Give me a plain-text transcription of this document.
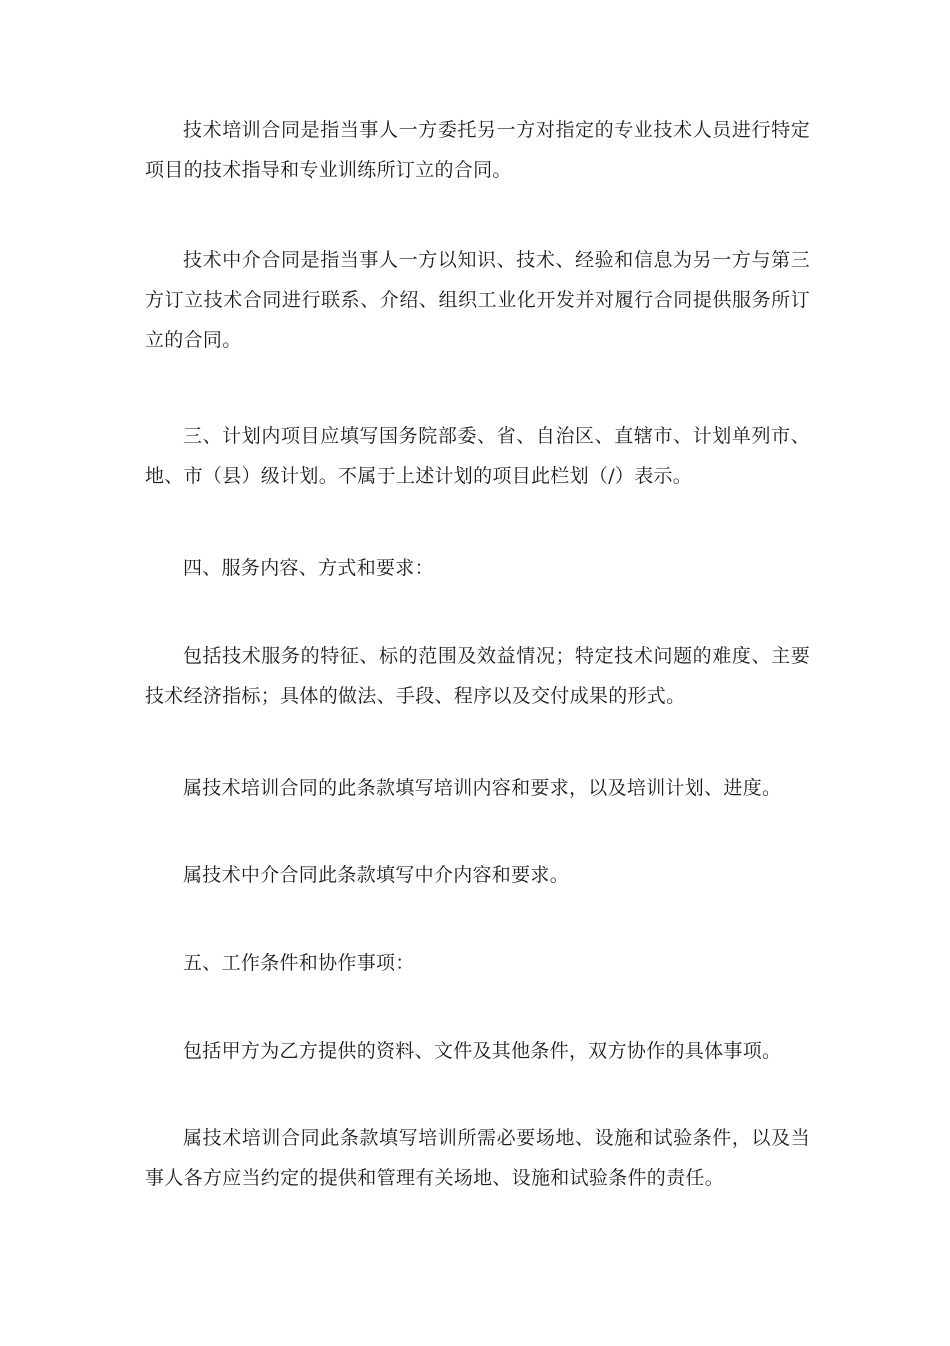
技术培训合同是指当事人一方委托另一方对指定的专业技术人员进行特定项目的技术指导和专业训练所订立的合同。

技术中介合同是指当事人一方以知识、技术、经验和信息为另一方与第三方订立技术合同进行联系、介绍、组织工业化开发并对履行合同提供服务所订立的合同。

三、计划内项目应填写国务院部委、省、自治区、直辖市、计划单列市、地、市（县）级计划。不属于上述计划的项目此栏划（/）表示。

四、服务内容、方式和要求：

包括技术服务的特征、标的范围及效益情况；特定技术问题的难度、主要技术经济指标；具体的做法、手段、程序以及交付成果的形式。

属技术培训合同的此条款填写培训内容和要求，以及培训计划、进度。

属技术中介合同此条款填写中介内容和要求。

五、工作条件和协作事项：

包括甲方为乙方提供的资料、文件及其他条件，双方协作的具体事项。

属技术培训合同此条款填写培训所需必要场地、设施和试验条件，以及当事人各方应当约定的提供和管理有关场地、设施和试验条件的责任。
